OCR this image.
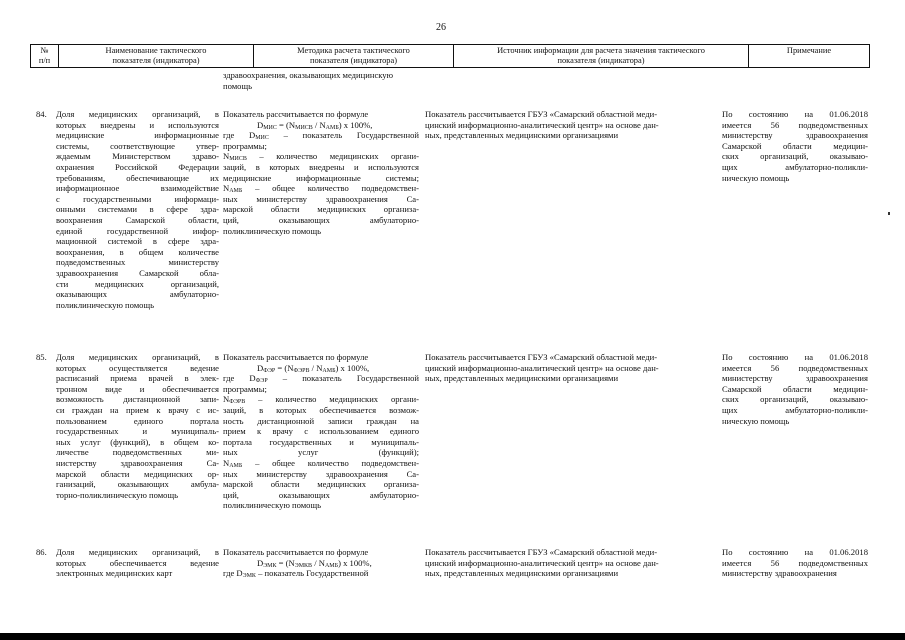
26
№
п/п
Наименование тактического
показателя (индикатора)
Методика расчета тактического
показателя (индикатора)
Источник информации для расчета значения тактического
показателя (индикатора)
Примечание
здравоохранения, оказывающих медицинскую
помощь
84. Доля медицинских организаций, в
которых внедрены и используются
медицинские информационные
системы, соответствующие утвер-
ждаемым Министерством здраво-
охранения Российской Федерации
требованиям, обеспечивающие их
информационное взаимодействие
с государственными информаци-
онными системами в сфере здра-
воохранения Самарской области,
единой государственной инфор-
мационной системой в сфере здра-
воохранения, в общем количестве
подведомственных министерству
здравоохранения Самарской обла-
сти медицинских организаций,
оказывающих амбулаторно-
поликлиническую помощь
Показатель рассчитывается по формуле
DМИС = (NМИСВ / NАМБ) х 100%,
где DМИС – показатель Государственной
программы;
NМИСВ – количество медицинских органи-
заций, в которых внедрены и используются
медицинские информационные системы;
NАМБ – общее количество подведомствен-
ных министерству здравоохранения Са-
марской области медицинских организа-
ций, оказывающих амбулаторно-
поликлиническую помощь
Показатель рассчитывается ГБУЗ «Самарский областной меди-
цинский информационно-аналитический центр» на основе дан-
ных, представленных медицинскими организациями
По состоянию на 01.06.2018
имеется 56 подведомственных
министерству здравоохранения
Самарской области медицин-
ских организаций, оказываю-
щих амбулаторно-поликли-
ническую помощь
85. Доля медицинских организаций, в
которых осуществляется ведение
расписаний приема врачей в элек-
тронном виде и обеспечивается
возможность дистанционной запи-
си граждан на прием к врачу с ис-
пользованием единого портала
государственных и муниципаль-
ных услуг (функций), в общем ко-
личестве подведомственных ми-
нистерству здравоохранения Са-
марской области медицинских ор-
ганизаций, оказывающих амбула-
торно-поликлиническую помощь
Показатель рассчитывается по формуле
DФЭР = (NФЭРВ / NАМБ) х 100%,
где DФЭР – показатель Государственной
программы;
NФЭРВ – количество медицинских органи-
заций, в которых обеспечивается возмож-
ность дистанционной записи граждан на
прием к врачу с использованием единого
портала государственных и муниципаль-
ных услуг (функций);
NАМБ – общее количество подведомствен-
ных министерству здравоохранения Са-
марской области медицинских организа-
ций, оказывающих амбулаторно-
поликлиническую помощь
Показатель рассчитывается ГБУЗ «Самарский областной меди-
цинский информационно-аналитический центр» на основе дан-
ных, представленных медицинскими организациями
По состоянию на 01.06.2018
имеется 56 подведомственных
министерству здравоохранения
Самарской области медицин-
ских организаций, оказываю-
щих амбулаторно-поликли-
ническую помощь
86. Доля медицинских организаций, в
которых обеспечивается ведение
электронных медицинских карт
Показатель рассчитывается по формуле
DЭМК = (NЭМКВ / NАМБ) х 100%,
где DЭМК – показатель Государственной
Показатель рассчитывается ГБУЗ «Самарский областной меди-
цинский информационно-аналитический центр» на основе дан-
ных, представленных медицинскими организациями
По состоянию на 01.06.2018
имеется 56 подведомственных
министерству здравоохранения
